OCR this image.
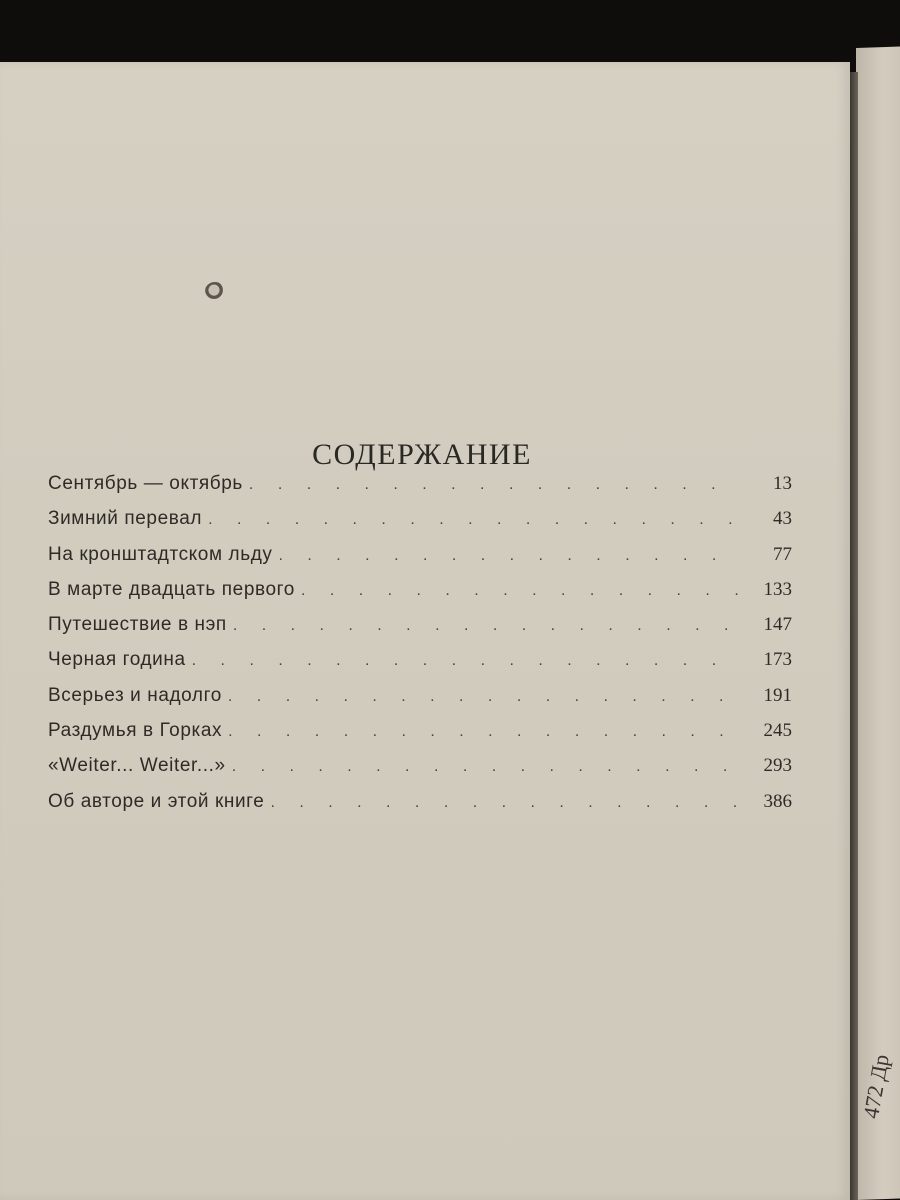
472 Др
СОДЕРЖАНИЕ
Сентябрь — октябрь . . .	13
Зимний перевал . . .	43
На кронштадтском льду . . .	77
В марте двадцать первого . . .	133
Путешествие в нэп . . .	147
Черная година . . .	173
Всерьез и надолго . . .	191
Раздумья в Горках . . .	245
«Weiter... Weiter...» . . .	293
Об авторе и этой книге . . .	386
